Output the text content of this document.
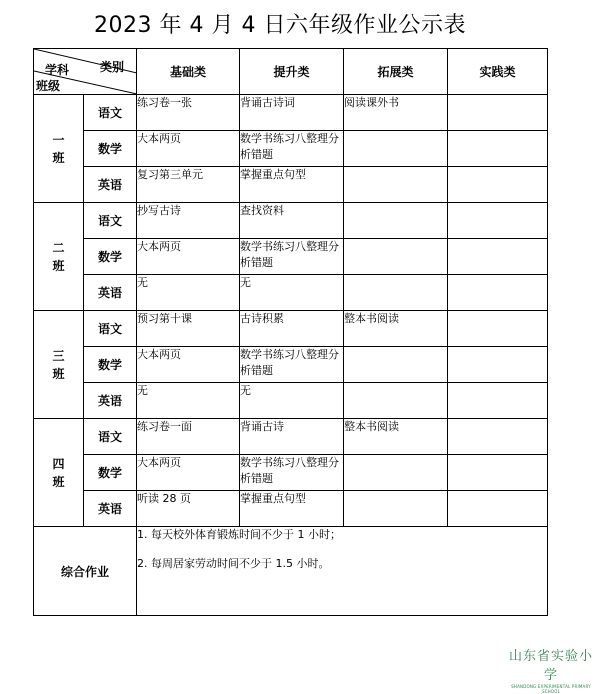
2023 年 4 月 4 日六年级作业公示表
类别
学科
班级		基础类	提升类	拓展类	实践类

一
班	语文	练习卷一张	背诵古诗词	阅读课外书	
	数学	大本两页	数学书练习八整理分析错题		
	英语	复习第三单元	掌握重点句型		

二
班	语文	抄写古诗	查找资料		
	数学	大本两页	数学书练习八整理分析错题		
	英语	无	无		

三
班	语文	预习第十课	古诗积累	整本书阅读	
	数学	大本两页	数学书练习八整理分析错题		
	英语	无	无		

四
班	语文	练习卷一面	背诵古诗	整本书阅读	
	数学	大本两页	数学书练习八整理分析错题		
	英语	听读 28 页	掌握重点句型		
综合作业		1. 每天校外体育锻炼时间不少于 1 小时；

2. 每周居家劳动时间不少于 1.5 小时。			

山东省实验小学
SHANDONG EXPERIMENTAL PRIMARY SCHOOL
